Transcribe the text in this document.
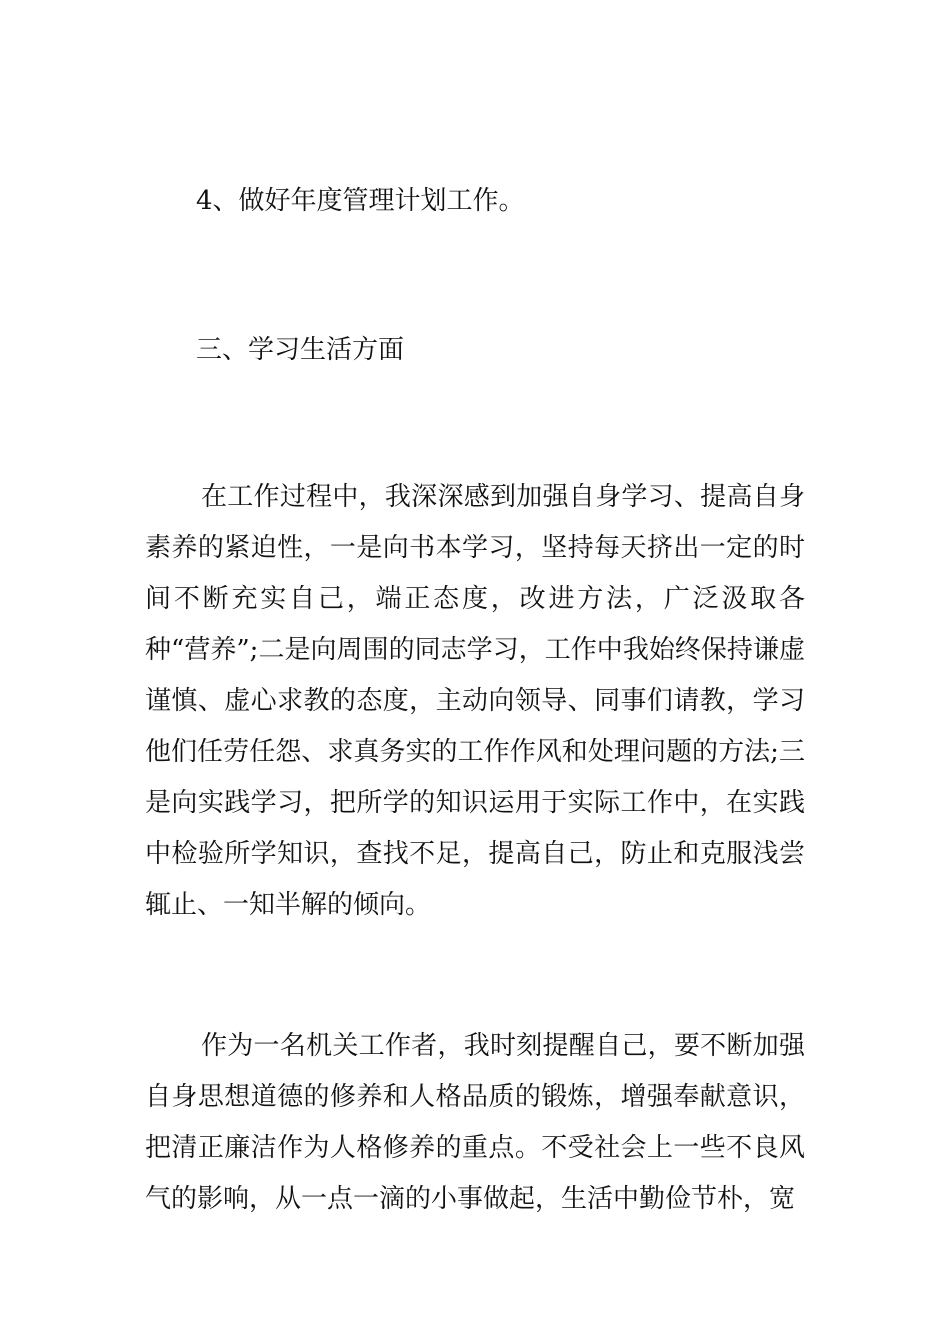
4、做好年度管理计划工作。
三、学习生活方面
在工作过程中，我深深感到加强自身学习、提高自身素养的紧迫性，一是向书本学习，坚持每天挤出一定的时间不断充实自己，端正态度，改进方法，广泛汲取各种“营养”;二是向周围的同志学习，工作中我始终保持谦虚谨慎、虚心求教的态度，主动向领导、同事们请教，学习他们任劳任怨、求真务实的工作作风和处理问题的方法;三是向实践学习，把所学的知识运用于实际工作中，在实践中检验所学知识，查找不足，提高自己，防止和克服浅尝辄止、一知半解的倾向。
作为一名机关工作者，我时刻提醒自己，要不断加强自身思想道德的修养和人格品质的锻炼，增强奉献意识，把清正廉洁作为人格修养的重点。不受社会上一些不良风气的影响，从一点一滴的小事做起，生活中勤俭节朴，宽
